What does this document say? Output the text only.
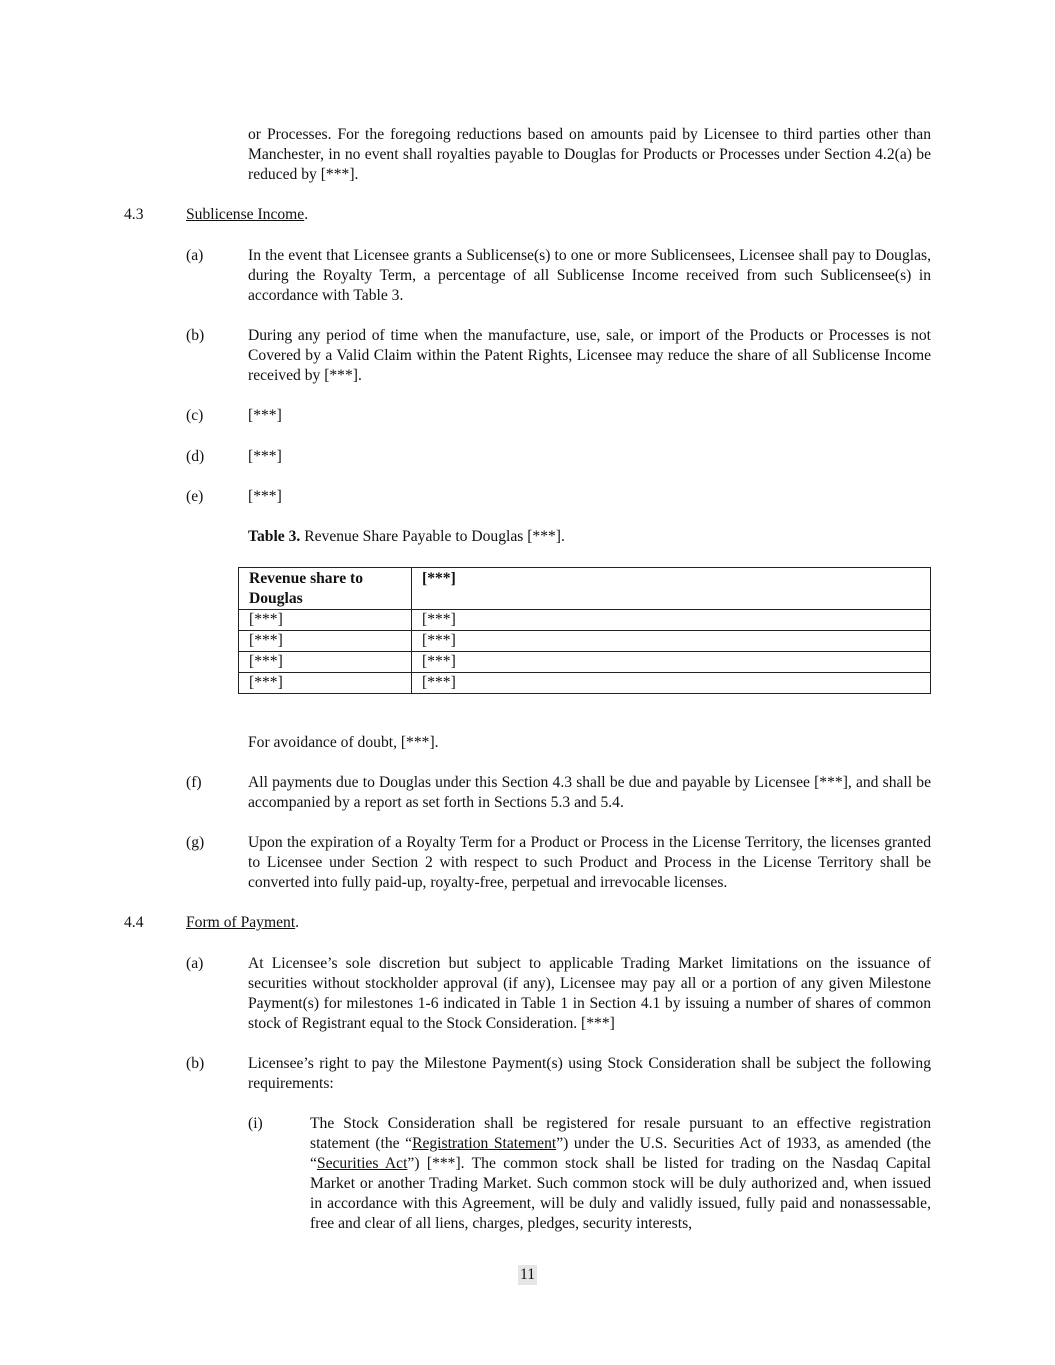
or Processes. For the foregoing reductions based on amounts paid by Licensee to third parties other than Manchester, in no event shall royalties payable to Douglas for Products or Processes under Section 4.2(a) be reduced by [***].
4.3	Sublicense Income.
(a)	In the event that Licensee grants a Sublicense(s) to one or more Sublicensees, Licensee shall pay to Douglas, during the Royalty Term, a percentage of all Sublicense Income received from such Sublicensee(s) in accordance with Table 3.
(b)	During any period of time when the manufacture, use, sale, or import of the Products or Processes is not Covered by a Valid Claim within the Patent Rights, Licensee may reduce the share of all Sublicense Income received by [***].
(c)	[***]
(d)	[***]
(e)	[***]
Table 3. Revenue Share Payable to Douglas [***].
Revenue share to Douglas	[***]
[***]	[***]
[***]	[***]
[***]	[***]
[***]	[***]
For avoidance of doubt, [***].
(f)	All payments due to Douglas under this Section 4.3 shall be due and payable by Licensee [***], and shall be accompanied by a report as set forth in Sections 5.3 and 5.4.
(g)	Upon the expiration of a Royalty Term for a Product or Process in the License Territory, the licenses granted to Licensee under Section 2 with respect to such Product and Process in the License Territory shall be converted into fully paid-up, royalty-free, perpetual and irrevocable licenses.
4.4	Form of Payment.
(a)	At Licensee’s sole discretion but subject to applicable Trading Market limitations on the issuance of securities without stockholder approval (if any), Licensee may pay all or a portion of any given Milestone Payment(s) for milestones 1-6 indicated in Table 1 in Section 4.1 by issuing a number of shares of common stock of Registrant equal to the Stock Consideration. [***]
(b)	Licensee’s right to pay the Milestone Payment(s) using Stock Consideration shall be subject the following requirements:
(i)	The Stock Consideration shall be registered for resale pursuant to an effective registration statement (the “Registration Statement”) under the U.S. Securities Act of 1933, as amended (the “Securities Act”) [***]. The common stock shall be listed for trading on the Nasdaq Capital Market or another Trading Market. Such common stock will be duly authorized and, when issued in accordance with this Agreement, will be duly and validly issued, fully paid and nonassessable, free and clear of all liens, charges, pledges, security interests,
11
